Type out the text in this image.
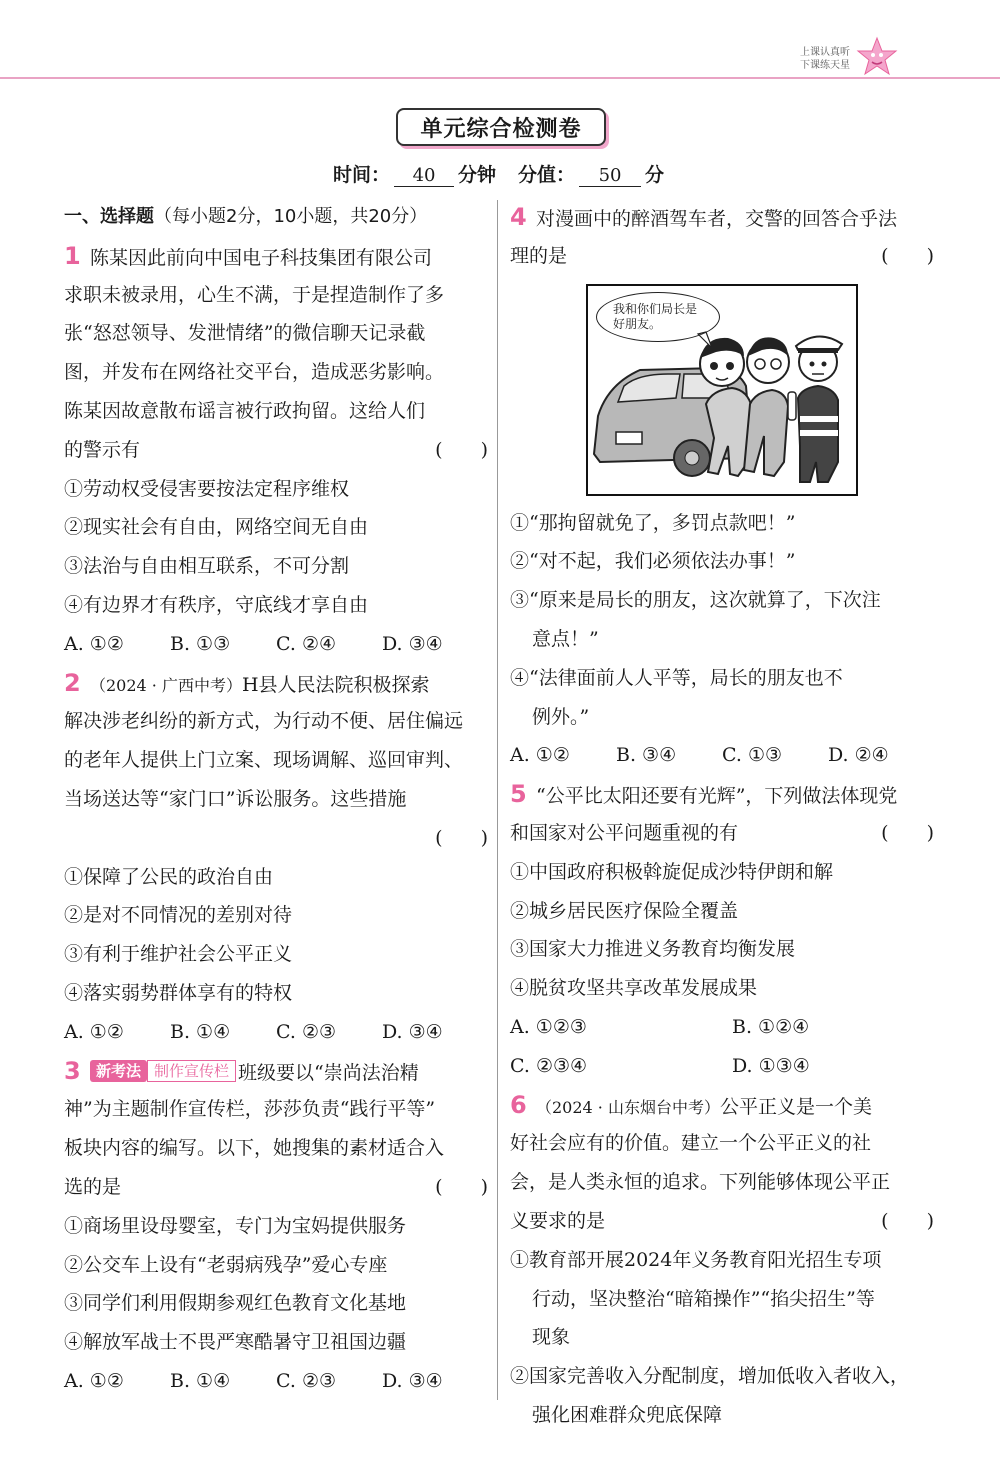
上课认真听
下课练天星
单元综合检测卷
时间：	40	分钟 分值：	50	分
一、选择题（每小题2分，10小题，共20分）
1 陈某因此前向中国电子科技集团有限公司
求职未被录用，心生不满，于是捏造制作了多
张“怒怼领导、发泄情绪”的微信聊天记录截
图，并发布在网络社交平台，造成恶劣影响。
陈某因故意散布谣言被行政拘留。这给人们
的警示有	(　　)
①劳动权受侵害要按法定程序维权
②现实社会有自由，网络空间无自由
③法治与自由相互联系，不可分割
④有边界才有秩序，守底线才享自由
A. ①② B. ①③ C. ②④ D. ③④
2 （2024 · 广西中考）H县人民法院积极探索
解决涉老纠纷的新方式，为行动不便、居住偏远
的老年人提供上门立案、现场调解、巡回审判、
当场送达等“家门口”诉讼服务。这些措施
(　　)
①保障了公民的政治自由
②是对不同情况的差别对待
③有利于维护社会公平正义
④落实弱势群体享有的特权
A. ①② B. ①④ C. ②③ D. ③④
3 新考法 制作宣传栏 班级要以“崇尚法治精
神”为主题制作宣传栏，莎莎负责“践行平等”
板块内容的编写。以下，她搜集的素材适合入
选的是	(　　)
①商场里设母婴室，专门为宝妈提供服务
②公交车上设有“老弱病残孕”爱心专座
③同学们利用假期参观红色教育文化基地
④解放军战士不畏严寒酷暑守卫祖国边疆
A. ①② B. ①④ C. ②③ D. ③④
4 对漫画中的醉酒驾车者，交警的回答合乎法
理的是	(　　)
我和你们局长是
好朋友。
①“那拘留就免了，多罚点款吧！”
②“对不起，我们必须依法办事！”
③“原来是局长的朋友，这次就算了，下次注
意点！”
④“法律面前人人平等，局长的朋友也不
例外。”
A. ①② B. ③④ C. ①③ D. ②④
5 “公平比太阳还要有光辉”，下列做法体现党
和国家对公平问题重视的有	(　　)
①中国政府积极斡旋促成沙特伊朗和解
②城乡居民医疗保险全覆盖
③国家大力推进义务教育均衡发展
④脱贫攻坚共享改革发展成果
A. ①②③	B. ①②④
C. ②③④	D. ①③④
6 （2024 · 山东烟台中考）公平正义是一个美
好社会应有的价值。建立一个公平正义的社
会，是人类永恒的追求。下列能够体现公平正
义要求的是	(　　)
①教育部开展2024年义务教育阳光招生专项
行动，坚决整治“暗箱操作”“掐尖招生”等
现象
②国家完善收入分配制度，增加低收入者收入，
强化困难群众兜底保障
